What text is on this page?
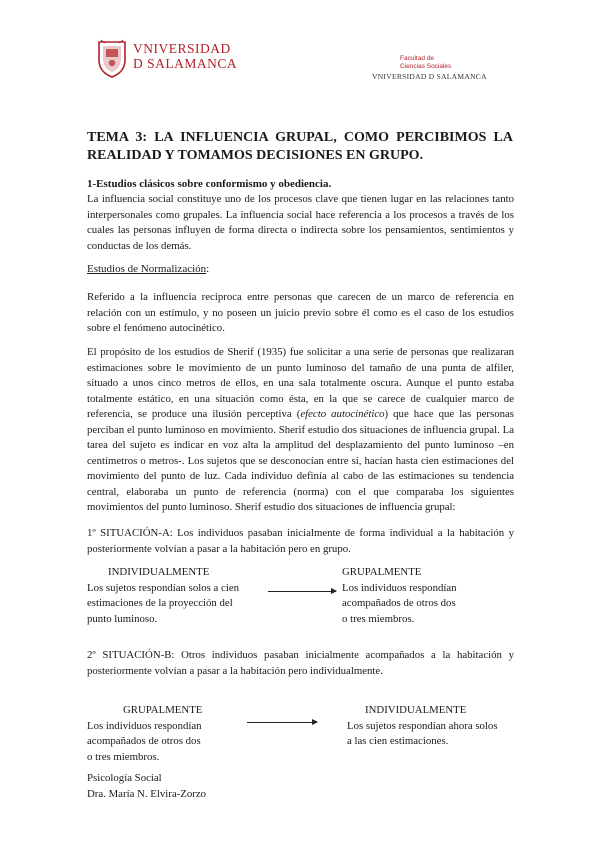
VNIVERSIDAD
D SALAMANCA	Facultad de
Ciencias Sociales
VNIVERSIDAD D SALAMANCA
TEMA 3: LA INFLUENCIA GRUPAL, COMO PERCIBIMOS LA REALIDAD Y TOMAMOS DECISIONES EN GRUPO.
1-Estudios clásicos sobre conformismo y obediencia.
La influencia social constituye uno de los procesos clave que tienen lugar en las relaciones tanto interpersonales como grupales. La influencia social hace referencia a los procesos a través de los cuales las personas influyen de forma directa o indirecta sobre los pensamientos, sentimientos y conductas de los demás.
Estudios de Normalización:
Referido a la influencia reciproca entre personas que carecen de un marco de referencia en relación con un estímulo, y no poseen un juicio previo sobre él como es el caso de los estudios sobre el fenómeno autocinético.
El propósito de los estudios de Sherif (1935) fue solicitar a una serie de personas que realizaran estimaciones sobre le movimiento de un punto luminoso del tamaño de una punta de alfiler, situado a unos cinco metros de ellos, en una sala totalmente oscura. Aunque el punto estaba totalmente estático, en una situación como ésta, en la que se carece de cualquier marco de referencia, se produce una ilusión perceptiva (efecto autocinético) que hace que las personas perciban el punto luminoso en movimiento. Sherif estudio dos situaciones de influencia grupal. La tarea del sujeto es indicar en voz alta la amplitud del desplazamiento del punto luminoso –en centímetros o metros-. Los sujetos que se desconocían entre sí, hacían hasta cien estimaciones del movimiento del punto de luz. Cada individuo definía al cabo de las estimaciones su tendencia central, elaboraba un punto de referencia (norma) con el que comparaba los siguientes movimientos del punto luminoso. Sherif estudio dos situaciones de influencia grupal:
1º SITUACIÓN-A: Los individuos pasaban inicialmente de forma individual a la habitación y posteriormente volvían a pasar a la habitación pero en grupo.
INDIVIDUALMENTE
Los sujetos respondían solos a cien
estimaciones de la proyección del
punto luminoso.
GRUPALMENTE
Los individuos respondían
acompañados de otros dos
o tres miembros.
2º SITUACIÓN-B: Otros individuos pasaban inicialmente acompañados a la habitación y posteriormente volvían a pasar a la habitación pero individualmente.
GRUPALMENTE
Los individuos respondían
acompañados de otros dos
o tres miembros.
INDIVIDUALMENTE
Los sujetos respondían ahora solos
a las cien estimaciones.
Psicología Social
Dra. María N. Elvira-Zorzo
